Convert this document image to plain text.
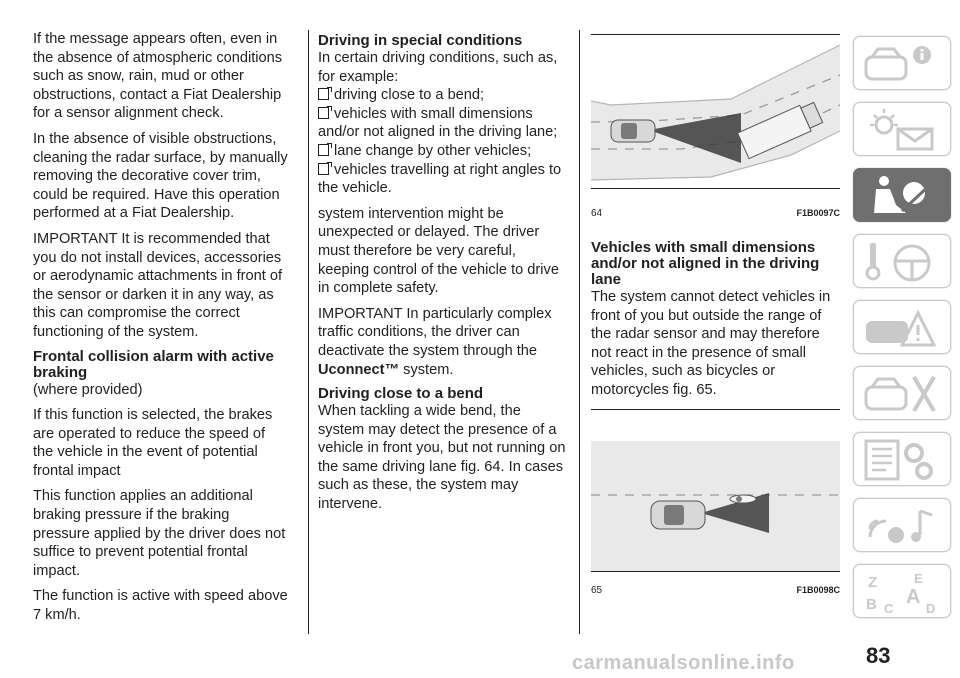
If the message appears often, even in the absence of atmospheric conditions such as snow, rain, mud or other obstructions, contact a Fiat Dealership for a sensor alignment check.

In the absence of visible obstructions, cleaning the radar surface, by manually removing the decorative cover trim, could be required. Have this operation performed at a Fiat Dealership.

IMPORTANT It is recommended that you do not install devices, accessories or aerodynamic attachments in front of the sensor or darken it in any way, as this can compromise the correct functioning of the system.

Frontal collision alarm with active braking

(where provided)

If this function is selected, the brakes are operated to reduce the speed of the vehicle in the event of potential frontal impact

This function applies an additional braking pressure if the braking pressure applied by the driver does not suffice to prevent potential frontal impact.

The function is active with speed above 7 km/h.

Driving in special conditions

In certain driving conditions, such as, for example:

driving close to a bend;
vehicles with small dimensions and/or not aligned in the driving lane;
lane change by other vehicles;
vehicles travelling at right angles to the vehicle.

system intervention might be unexpected or delayed. The driver must therefore be very careful, keeping control of the vehicle to drive in complete safety.

IMPORTANT In particularly complex traffic conditions, the driver can deactivate the system through the Uconnect™ system.

Driving close to a bend

When tackling a wide bend, the system may detect the presence of a vehicle in front you, but not running on the same driving lane fig. 64. In cases such as these, the system may intervene.

64	F1B0097C
Vehicles with small dimensions and/or not aligned in the driving lane

The system cannot detect vehicles in front of you but outside the range of the radar sensor and may therefore not react in the presence of small vehicles, such as bicycles or motorcycles fig. 65.

65	F1B0098C Z	E
B C
A
D
carmanualsonline.info	83
